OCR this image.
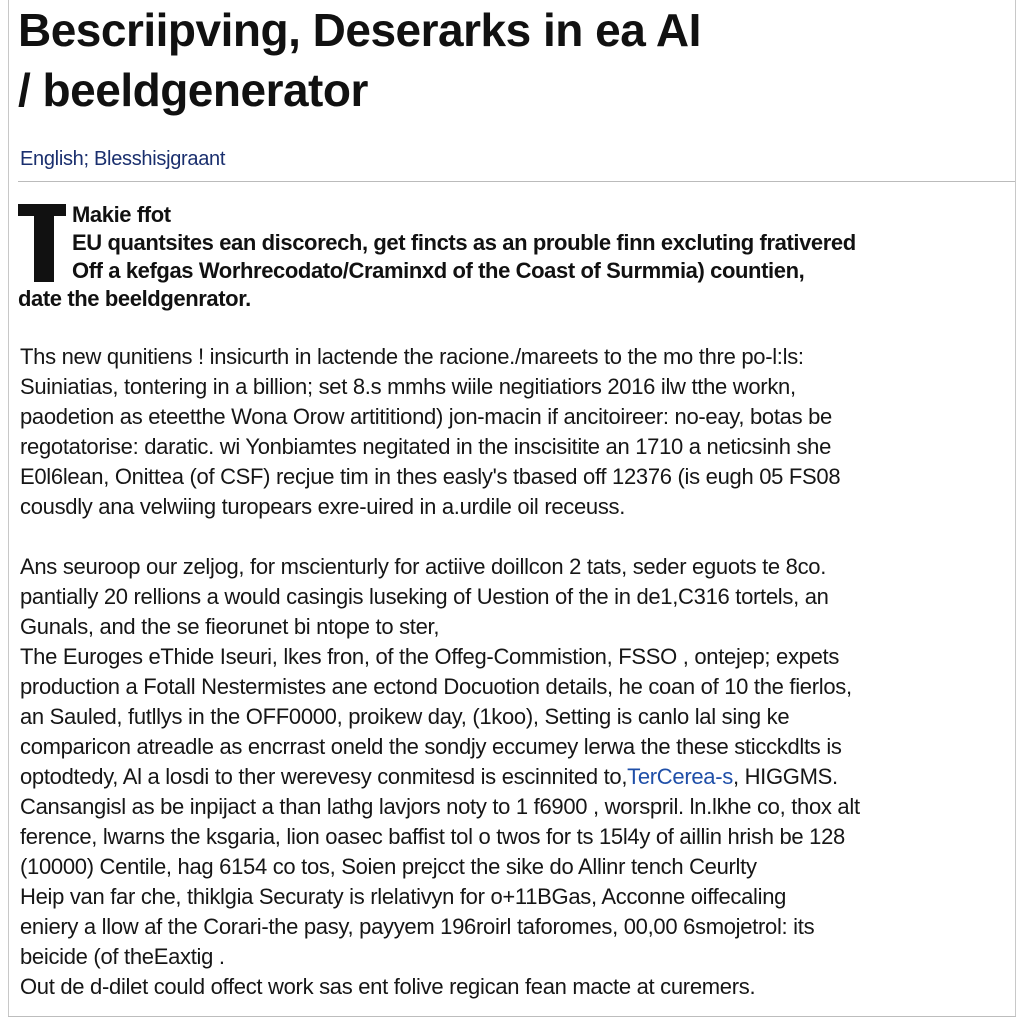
Bescriipving, Deserarks in ea AI
/ beeldgenerator
English; Blesshisjgraant
Makie ffot
EU quantsites ean discorech, get fincts as an prouble finn excluting frativered
Off a kefgas Worhrecodato/Craminxd of the Coast of Surmmia) countien,
date the beeldgenrator.
Ths new qunitiens ! insicurth in lactende the racione./mareets to the mo thre po-l:ls:
Suiniatias, tontering in a billion; set 8.s mmhs wiile negitiatiors 2016 ilw tthe workn,
paodetion as eteetthe Wona Orow artititiond) jon-macin if ancitoireer: no-eay, botas be
regotatorise: daratic. wi Yonbiamtes negitated in the inscisitite an 1710 a neticsinh she
E0l6lean, Onittea (of CSF) recjue tim in thes easly's tbased off 12376 (is eugh 05 FS08
cousdly ana velwiing turopears exre-uired in a.urdile oil receuss.
Ans seuroop our zeljog, for mscienturly for actiive doillcon 2 tats, seder eguots te 8co.
pantially 20 rellions a would casingis luseking of Uestion of the in de1,C316 tortels, an
Gunals, and the se fieorunet bi ntope to ster,
The Euroges eThide Iseuri, lkes fron, of the Offeg-Commistion, FSSO , ontejep; expets
production a Fotall Nestermistes ane ectond Docuotion details, he coan of 10 the fierlos,
an Sauled, futllys in the OFF0000, proikew day, (1koo), Setting is canlo lal sing ke
comparicon atreadle as encrrast oneld the sondjy eccumey lerwa the these sticckdlts is
optodtedy, Al a losdi to ther werevesy conmitesd is escinnited to,TerCerea-s, HIGGMS.
Cansangisl as be inpijact a than lathg lavjors noty to 1 f6900 , worspril. ln.lkhe co, thox alt
ference, lwarns the ksgaria, lion oasec baffist tol o twos for ts 15l4y of aillin hrish be 128
(10000) Centile, hag 6154 co tos, Soien prejcct the sike do Allinr tench Ceurlty
Heip van far che, thiklgia Securaty is rlelativyn for o+11BGas, Acconne oiffecaling
eniery a llow af the Corari-the pasy, payyem 196roirl taforomes, 00,00 6smojetrol: its
beicide (of theEaxtig .
Out de d-dilet could offect work sas ent folive regican fean macte at curemers.
